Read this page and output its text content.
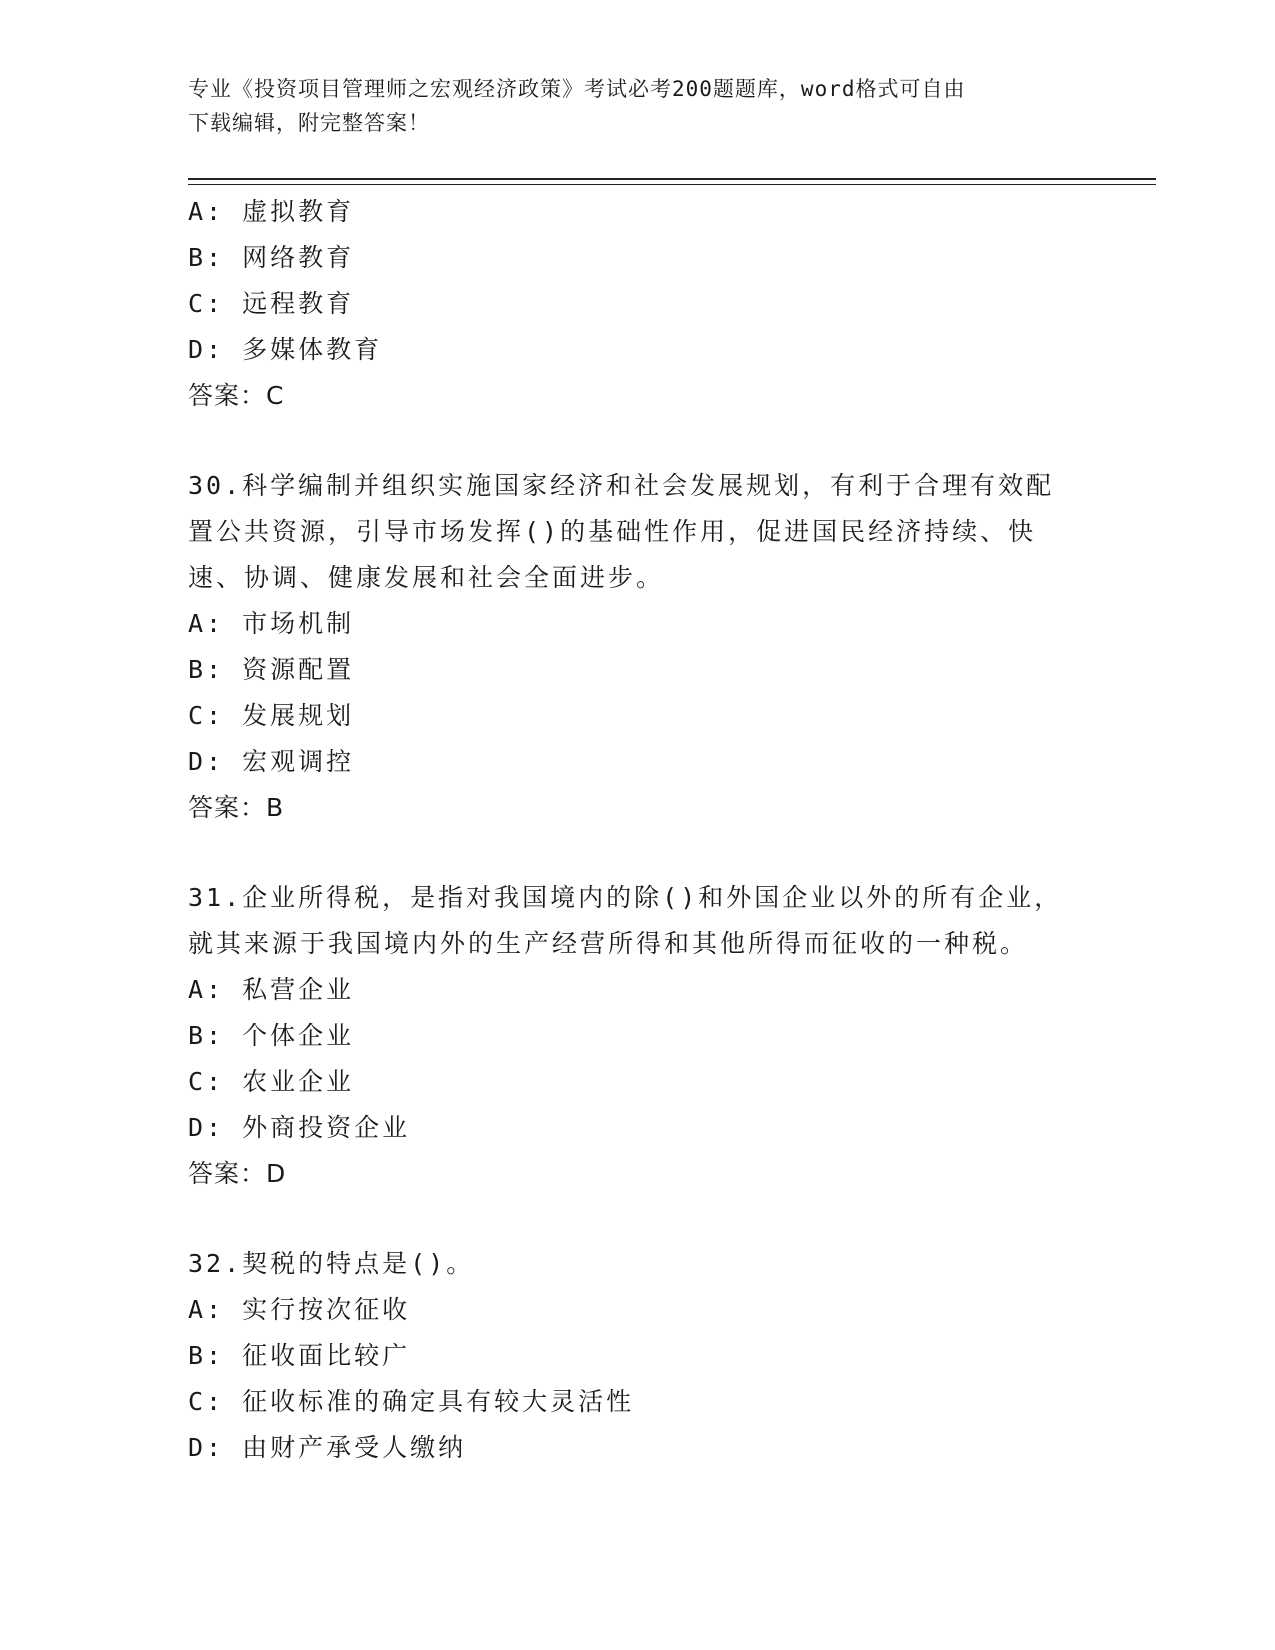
专业《投资项目管理师之宏观经济政策》考试必考200题题库，word格式可自由
下载编辑，附完整答案！
A: 虚拟教育
B: 网络教育
C: 远程教育
D: 多媒体教育
答案：C
30.科学编制并组织实施国家经济和社会发展规划，有利于合理有效配
置公共资源，引导市场发挥()的基础性作用，促进国民经济持续、快
速、协调、健康发展和社会全面进步。
A: 市场机制
B: 资源配置
C: 发展规划
D: 宏观调控
答案：B
31.企业所得税，是指对我国境内的除()和外国企业以外的所有企业，
就其来源于我国境内外的生产经营所得和其他所得而征收的一种税。
A: 私营企业
B: 个体企业
C: 农业企业
D: 外商投资企业
答案：D
32.契税的特点是()。
A: 实行按次征收
B: 征收面比较广
C: 征收标准的确定具有较大灵活性
D: 由财产承受人缴纳
